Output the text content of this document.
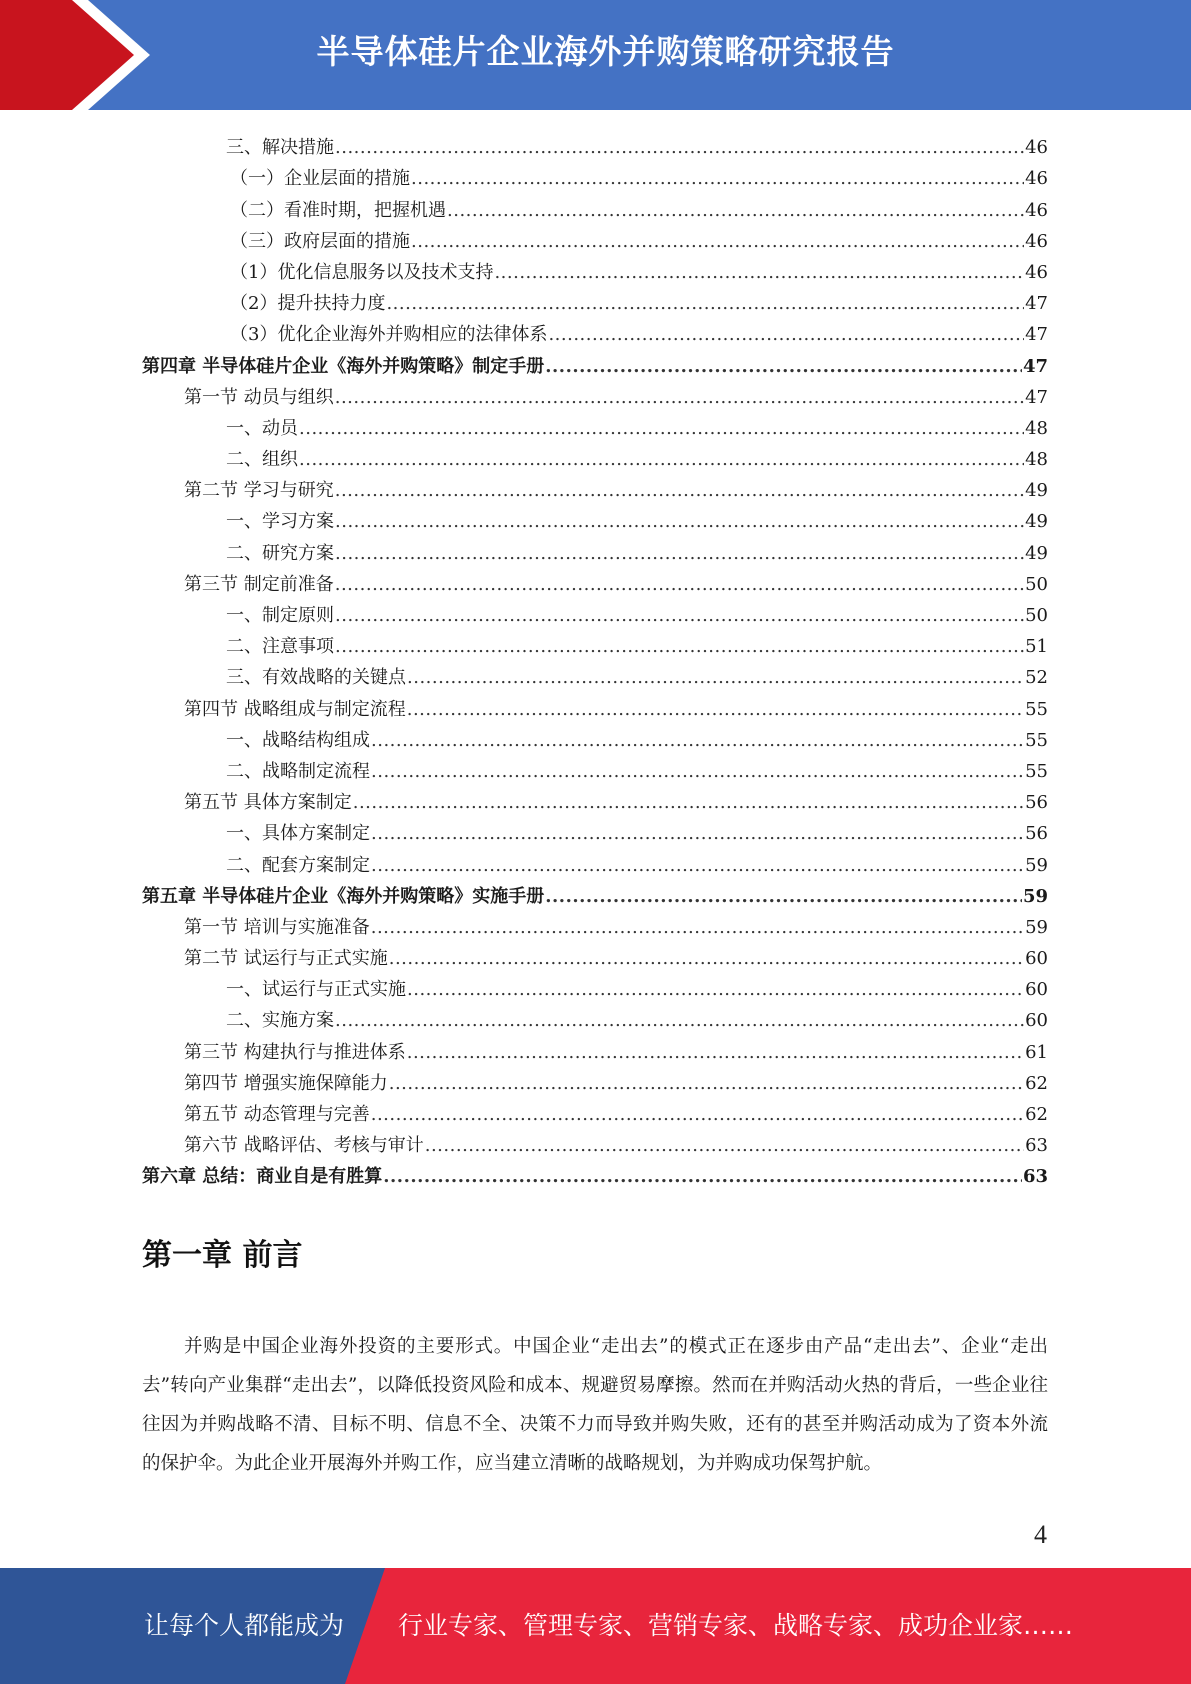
半导体硅片企业海外并购策略研究报告
三、解决措施 .....	46
（一）企业层面的措施 .....	46
（二）看准时期，把握机遇 .....	46
（三）政府层面的措施 .....	46
（1）优化信息服务以及技术支持 .....	46
（2）提升扶持力度 .....	47
（3）优化企业海外并购相应的法律体系 .....	47
第四章 半导体硅片企业《海外并购策略》制定手册 .....	47
第一节 动员与组织 .....	47
一、动员 .....	48
二、组织 .....	48
第二节 学习与研究 .....	49
一、学习方案 .....	49
二、研究方案 .....	49
第三节 制定前准备 .....	50
一、制定原则 .....	50
二、注意事项 .....	51
三、有效战略的关键点 .....	52
第四节 战略组成与制定流程 .....	55
一、战略结构组成 .....	55
二、战略制定流程 .....	55
第五节 具体方案制定 .....	56
一、具体方案制定 .....	56
二、配套方案制定 .....	59
第五章 半导体硅片企业《海外并购策略》实施手册 .....	59
第一节 培训与实施准备 .....	59
第二节 试运行与正式实施 .....	60
一、试运行与正式实施 .....	60
二、实施方案 .....	60
第三节 构建执行与推进体系 .....	61
第四节 增强实施保障能力 .....	62
第五节 动态管理与完善 .....	62
第六节 战略评估、考核与审计 .....	63
第六章 总结：商业自是有胜算 .....	63
第一章 前言
并购是中国企业海外投资的主要形式。中国企业“走出去”的模式正在逐步由产品“走出去”、企业“走出去”转向产业集群“走出去”，以降低投资风险和成本、规避贸易摩擦。然而在并购活动火热的背后，一些企业往往因为并购战略不清、目标不明、信息不全、决策不力而导致并购失败，还有的甚至并购活动成为了资本外流的保护伞。为此企业开展海外并购工作，应当建立清晰的战略规划，为并购成功保驾护航。
4
让每个人都能成为 行业专家、管理专家、营销专家、战略专家、成功企业家……
